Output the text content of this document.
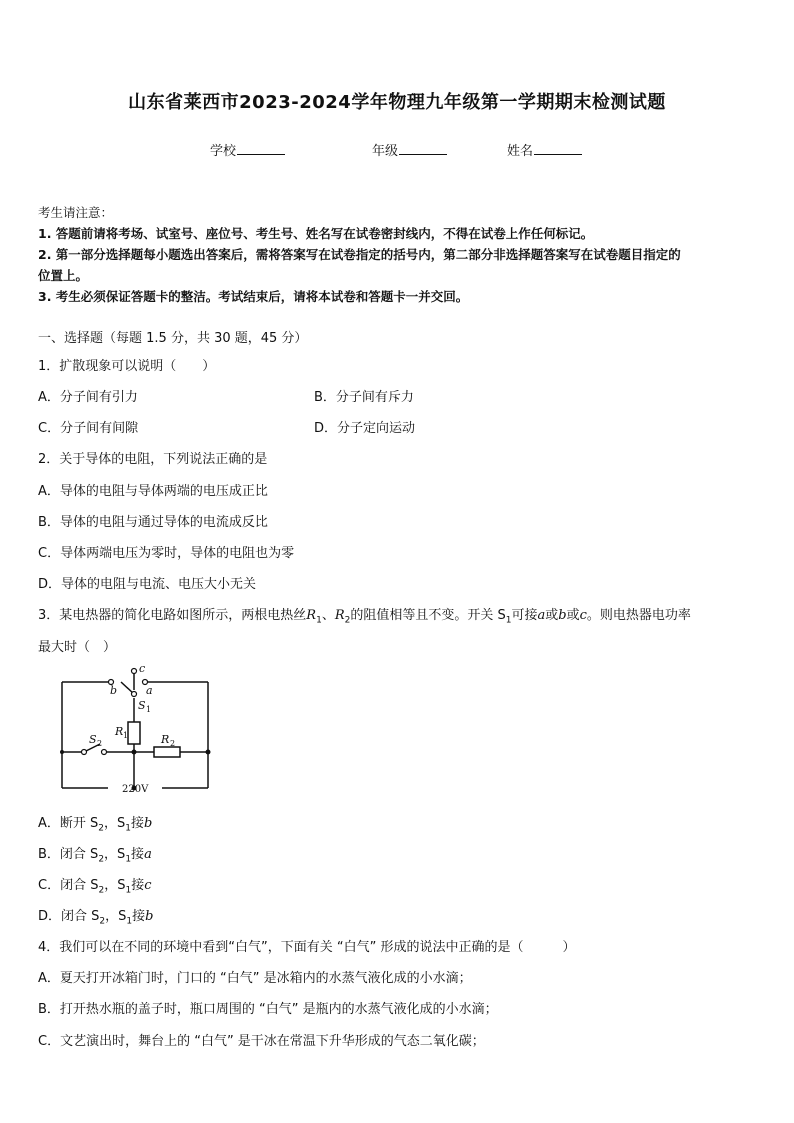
山东省莱西市2023-2024学年物理九年级第一学期期末检测试题
学校	年级	姓名
考生请注意：
1. 答题前请将考场、试室号、座位号、考生号、姓名写在试卷密封线内，不得在试卷上作任何标记。
2. 第一部分选择题每小题选出答案后，需将答案写在试卷指定的括号内，第二部分非选择题答案写在试卷题目指定的
位置上。
3. 考生必须保证答题卡的整洁。考试结束后，请将本试卷和答题卡一并交回。
一、选择题（每题 1.5 分，共 30 题，45 分）
1．扩散现象可以说明（　　）
A．分子间有引力	B．分子间有斥力
C．分子间有间隙	D．分子定向运动
2．关于导体的电阻，下列说法正确的是
A．导体的电阻与导体两端的电压成正比
B．导体的电阻与通过导体的电流成反比
C．导体两端电压为零时，导体的电阻也为零
D．导体的电阻与电流、电压大小无关
3．某电热器的简化电路如图所示，两根电热丝$R_1$、$R_2$的阻值相等且不变。开关 $S_1$可接a或b或c。则电热器电功率
最大时（　）
c
b	a
S 1
R 1
S 2	R 2
220V
A．断开 $S_2$，$S_1$接b
B．闭合 $S_2$，$S_1$接a
C．闭合 $S_2$，$S_1$接c
D．闭合 $S_2$，$S_1$接b
4．我们可以在不同的环境中看到“白气”，下面有关 “白气” 形成的说法中正确的是（　　　）
A．夏天打开冰箱门时，门口的 “白气” 是冰箱内的水蒸气液化成的小水滴；
B．打开热水瓶的盖子时，瓶口周围的 “白气” 是瓶内的水蒸气液化成的小水滴；
C．文艺演出时，舞台上的 “白气” 是干冰在常温下升华形成的气态二氧化碳；
